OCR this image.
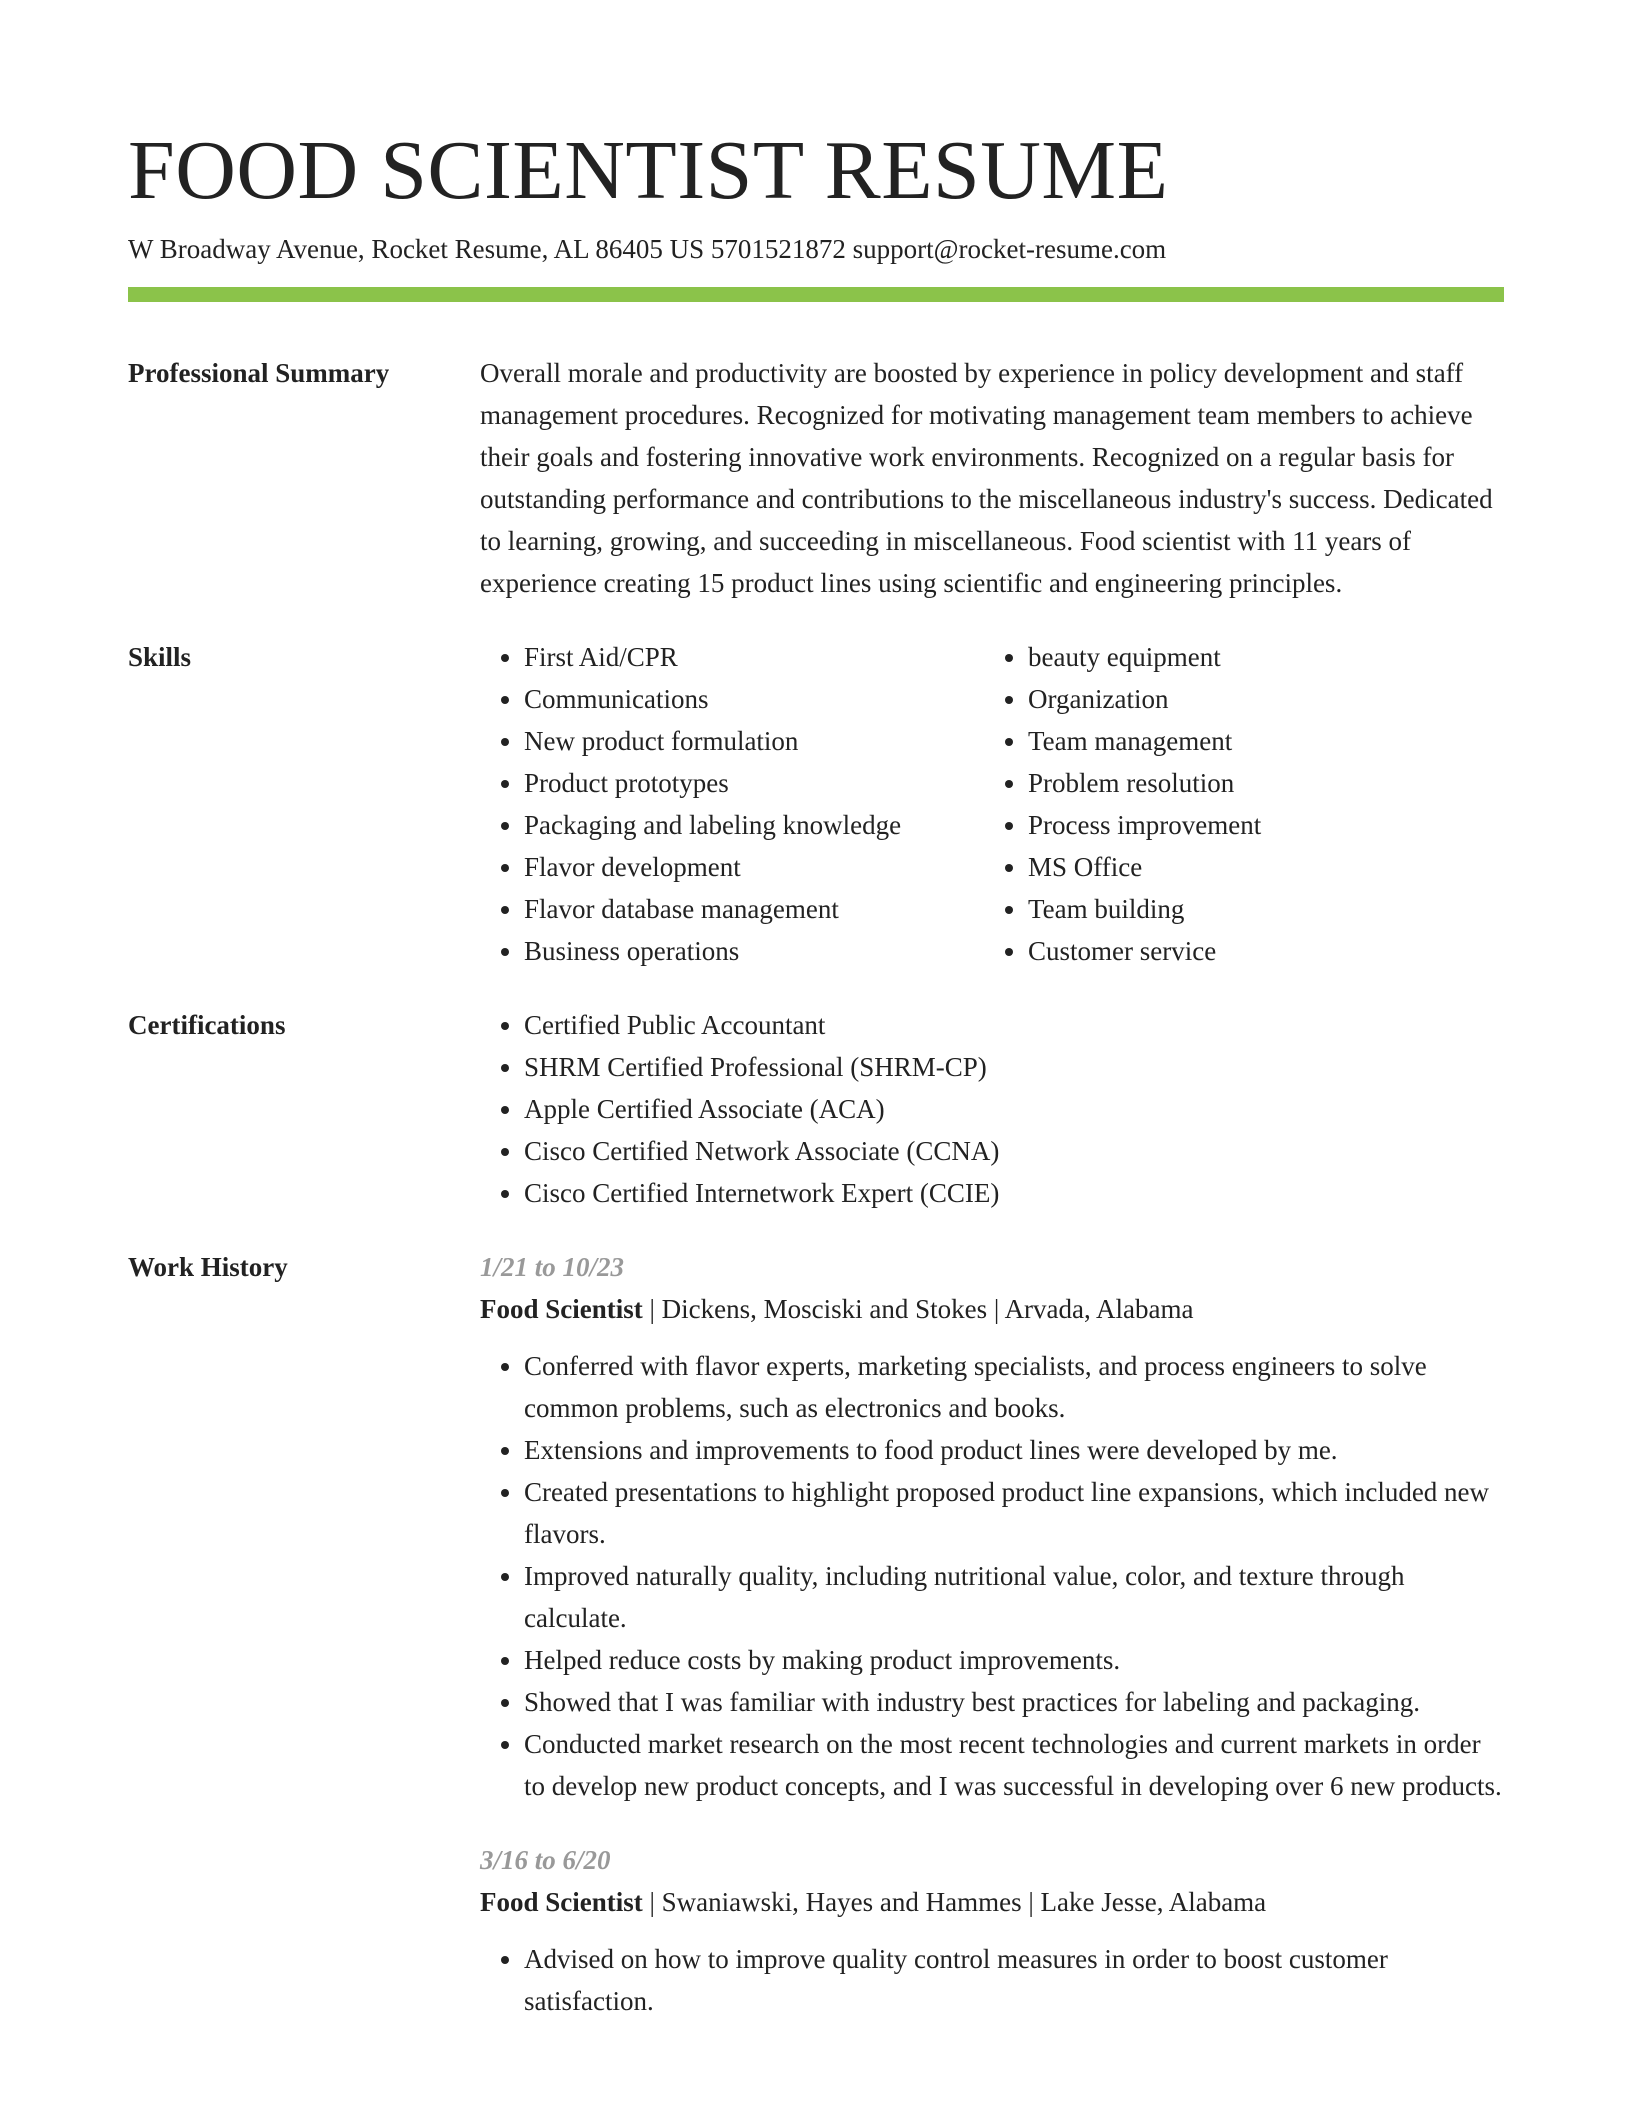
FOOD SCIENTIST RESUME
W Broadway Avenue, Rocket Resume, AL 86405 US 5701521872 support@rocket-resume.com
Professional Summary	Overall morale and productivity are boosted by experience in policy development and staff management procedures. Recognized for motivating management team members to achieve their goals and fostering innovative work environments. Recognized on a regular basis for outstanding performance and contributions to the miscellaneous industry's success. Dedicated to learning, growing, and succeeding in miscellaneous. Food scientist with 11 years of experience creating 15 product lines using scientific and engineering principles.

Skills	• First Aid/CPR
• Communications
• New product formulation
• Product prototypes
• Packaging and labeling knowledge
• Flavor development
• Flavor database management
• Business operations
• beauty equipment
• Organization
• Team management
• Problem resolution
• Process improvement
• MS Office
• Team building
• Customer service
Certifications	• Certified Public Accountant
• SHRM Certified Professional (SHRM-CP)
• Apple Certified Associate (ACA)
• Cisco Certified Network Associate (CCNA)
• Cisco Certified Internetwork Expert (CCIE)
Work History	1/21 to 10/23
Food Scientist | Dickens, Mosciski and Stokes | Arvada, Alabama
• Conferred with flavor experts, marketing specialists, and process engineers to solve common problems, such as electronics and books.
• Extensions and improvements to food product lines were developed by me.
• Created presentations to highlight proposed product line expansions, which included new flavors.
• Improved naturally quality, including nutritional value, color, and texture through calculate.
• Helped reduce costs by making product improvements.
• Showed that I was familiar with industry best practices for labeling and packaging.
• Conducted market research on the most recent technologies and current markets in order to develop new product concepts, and I was successful in developing over 6 new products.
3/16 to 6/20
Food Scientist | Swaniawski, Hayes and Hammes | Lake Jesse, Alabama
• Advised on how to improve quality control measures in order to boost customer satisfaction.
